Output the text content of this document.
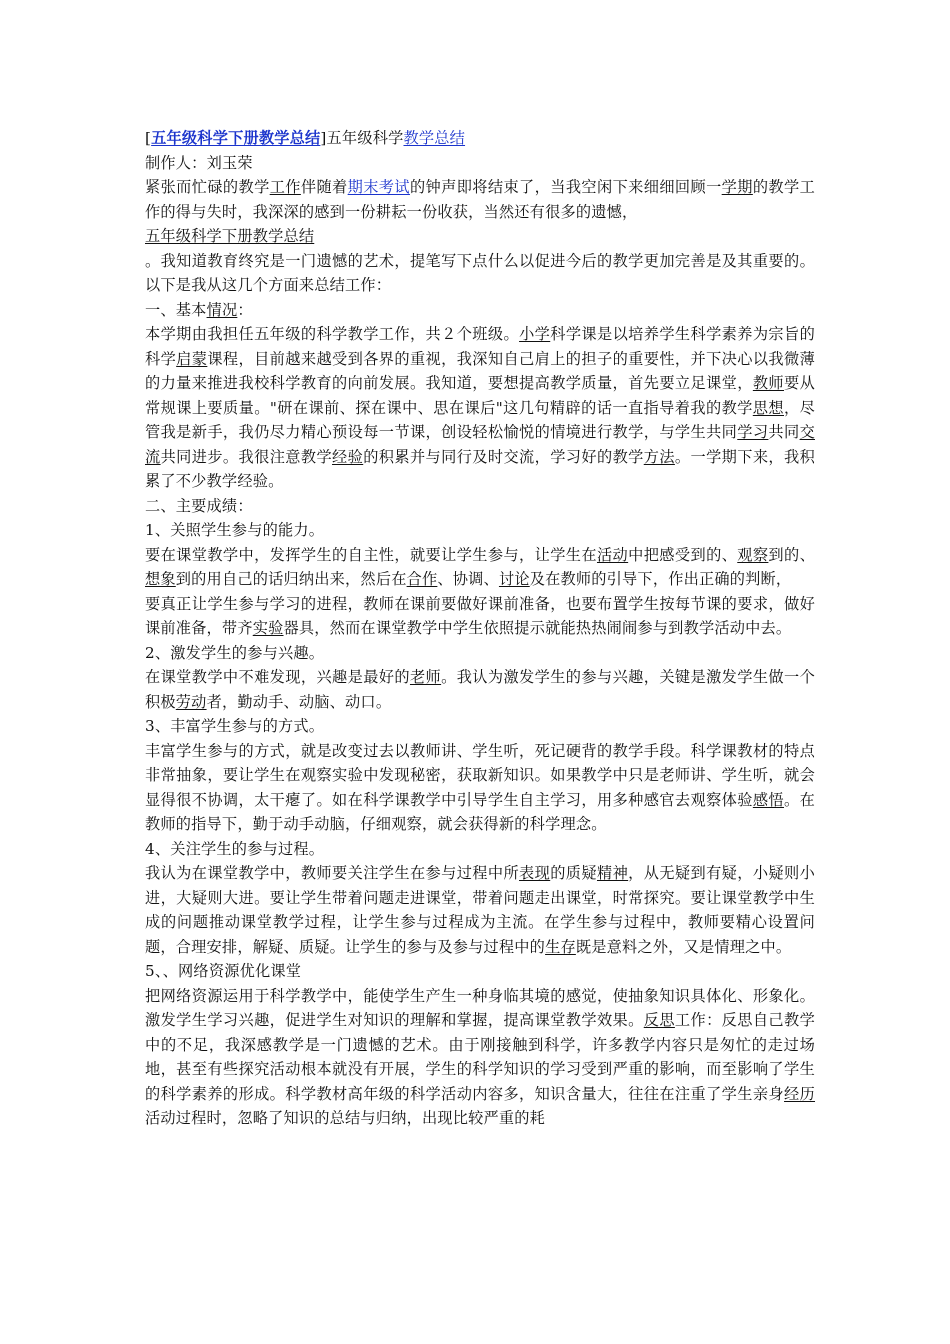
[五年级科学下册教学总结]五年级科学教学总结
制作人：刘玉荣
紧张而忙碌的教学工作伴随着期末考试的钟声即将结束了，当我空闲下来细细回顾一学期的教学工作的得与失时，我深深的感到一份耕耘一份收获，当然还有很多的遗憾，
五年级科学下册教学总结
。我知道教育终究是一门遗憾的艺术，提笔写下点什么以促进今后的教学更加完善是及其重要的。以下是我从这几个方面来总结工作：
一、基本情况：
本学期由我担任五年级的科学教学工作，共２个班级。小学科学课是以培养学生科学素养为宗旨的科学启蒙课程，目前越来越受到各界的重视，我深知自己肩上的担子的重要性，并下决心以我微薄的力量来推进我校科学教育的向前发展。我知道，要想提高教学质量，首先要立足课堂，教师要从常规课上要质量。"研在课前、探在课中、思在课后"这几句精辟的话一直指导着我的教学思想，尽管我是新手，我仍尽力精心预设每一节课，创设轻松愉悦的情境进行教学，与学生共同学习共同交流共同进步。我很注意教学经验的积累并与同行及时交流，学习好的教学方法。一学期下来，我积累了不少教学经验。
二、主要成绩：
1、关照学生参与的能力。
要在课堂教学中，发挥学生的自主性，就要让学生参与，让学生在活动中把感受到的、观察到的、想象到的用自己的话归纳出来，然后在合作、协调、讨论及在教师的引导下，作出正确的判断，
要真正让学生参与学习的进程，教师在课前要做好课前准备，也要布置学生按每节课的要求，做好课前准备，带齐实验器具，然而在课堂教学中学生依照提示就能热热闹闹参与到教学活动中去。
2、激发学生的参与兴趣。
在课堂教学中不难发现，兴趣是最好的老师。我认为激发学生的参与兴趣，关键是激发学生做一个积极劳动者，勤动手、动脑、动口。
3、丰富学生参与的方式。
丰富学生参与的方式，就是改变过去以教师讲、学生听，死记硬背的教学手段。科学课教材的特点非常抽象，要让学生在观察实验中发现秘密，获取新知识。如果教学中只是老师讲、学生听，就会显得很不协调，太干瘪了。如在科学课教学中引导学生自主学习，用多种感官去观察体验感悟。在教师的指导下，勤于动手动脑，仔细观察，就会获得新的科学理念。
4、关注学生的参与过程。
我认为在课堂教学中，教师要关注学生在参与过程中所表现的质疑精神，从无疑到有疑，小疑则小进，大疑则大进。要让学生带着问题走进课堂，带着问题走出课堂，时常探究。要让课堂教学中生成的问题推动课堂教学过程，让学生参与过程成为主流。在学生参与过程中，教师要精心设置问题，合理安排，解疑、质疑。让学生的参与及参与过程中的生存既是意料之外，又是情理之中。
5、、网络资源优化课堂
把网络资源运用于科学教学中，能使学生产生一种身临其境的感觉，使抽象知识具体化、形象化。激发学生学习兴趣，促进学生对知识的理解和掌握，提高课堂教学效果。反思工作：反思自己教学中的不足，我深感教学是一门遗憾的艺术。由于刚接触到科学，许多教学内容只是匆忙的走过场地，甚至有些探究活动根本就没有开展，学生的科学知识的学习受到严重的影响，而至影响了学生的科学素养的形成。科学教材高年级的科学活动内容多，知识含量大，往往在注重了学生亲身经历活动过程时，忽略了知识的总结与归纳，出现比较严重的耗
